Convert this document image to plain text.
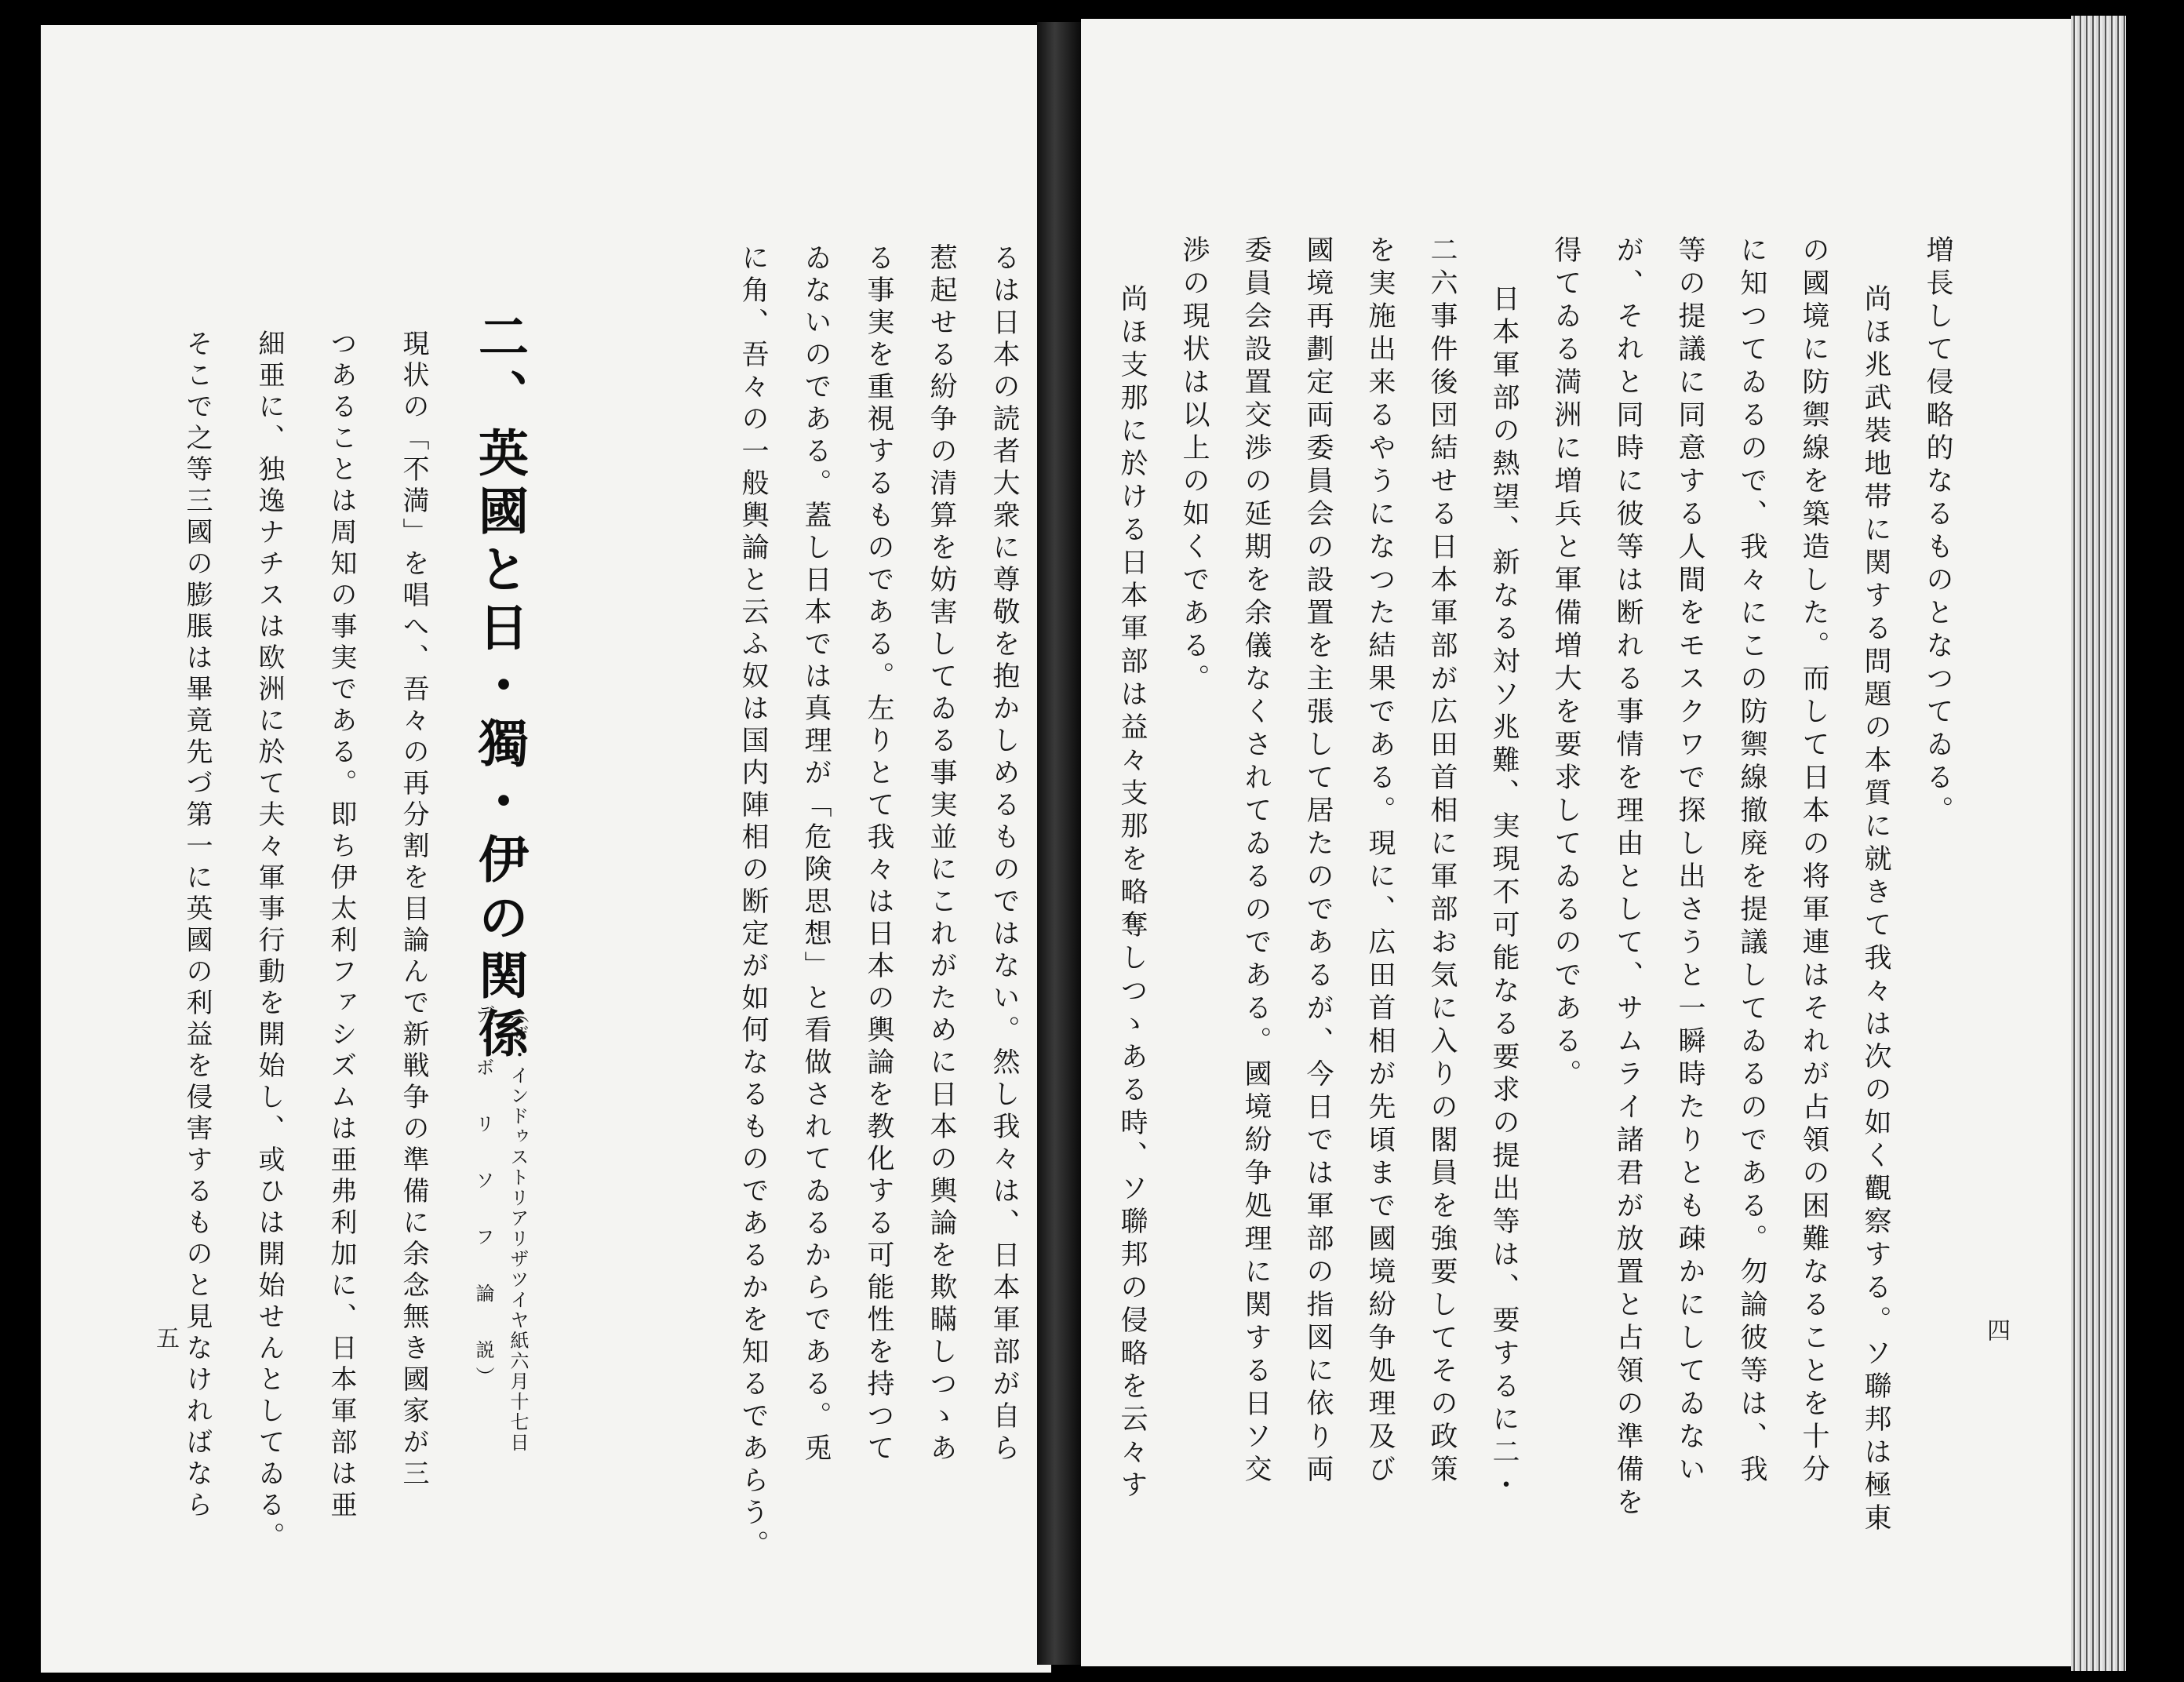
増長して侵略的なるものとなつてゐる。
尚ほ兆武裝地帯に関する問題の本質に就きて我々は次の如く觀察する。ソ聯邦は極東
の國境に防禦線を築造した。而して日本の将軍連はそれが占領の困難なることを十分
に知つてゐるので、我々にこの防禦線撤廃を提議してゐるのである。勿論彼等は、我
等の提議に同意する人間をモスクワで探し出さうと一瞬時たりとも疎かにしてゐない
が、それと同時に彼等は断れる事情を理由として、サムライ諸君が放置と占領の準備を
得てゐる満洲に増兵と軍備増大を要求してゐるのである。
日本軍部の熱望、新なる対ソ兆難、実現不可能なる要求の提出等は、要するに二・
二六事件後団結せる日本軍部が広田首相に軍部お気に入りの閣員を強要してその政策
を実施出来るやうになつた結果である。現に、広田首相が先頃まで國境紛争処理及び
國境再劃定両委員会の設置を主張して居たのであるが、今日では軍部の指図に依り両
委員会設置交渉の延期を余儀なくされてゐるのである。國境紛争処理に関する日ソ交
渉の現状は以上の如くである。
尚ほ支那に於ける日本軍部は益々支那を略奪しつゝある時、ソ聯邦の侵略を云々す	四
るは日本の読者大衆に尊敬を抱かしめるものではない。然し我々は、日本軍部が自ら
惹起せる紛争の清算を妨害してゐる事実並にこれがために日本の輿論を欺瞞しつゝあ
る事実を重視するものである。左りとて我々は日本の輿論を教化する可能性を持つて
ゐないのである。蓋し日本では真理が「危険思想」と看做されてゐるからである。兎
に角、吾々の一般輿論と云ふ奴は国内陣相の断定が如何なるものであるかを知るであらう。
二、英國と日・獨・伊の関係
（ザ・インドゥストリアリザツイヤ紙六月十七日
デ・ボ リ ソ フ 論 説）
現状の「不満」を唱へ、吾々の再分割を目論んで新戦争の準備に余念無き國家が三
つあることは周知の事実である。即ち伊太利ファシズムは亜弗利加に、日本軍部は亜
細亜に、独逸ナチスは欧洲に於て夫々軍事行動を開始し、或ひは開始せんとしてゐる。
そこで之等三國の膨脹は畢竟先づ第一に英國の利益を侵害するものと見なければなら
五
